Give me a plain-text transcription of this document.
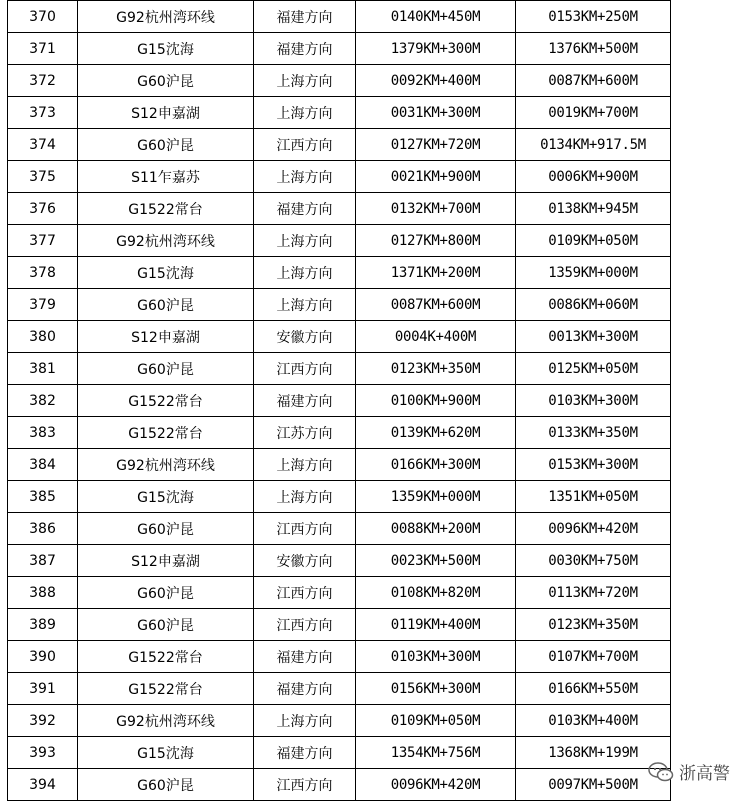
370	G92杭州湾环线	福建方向	0140KM+450M	0153KM+250M
371	G15沈海	福建方向	1379KM+300M	1376KM+500M
372	G60沪昆	上海方向	0092KM+400M	0087KM+600M
373	S12申嘉湖	上海方向	0031KM+300M	0019KM+700M
374	G60沪昆	江西方向	0127KM+720M	0134KM+917.5M
375	S11乍嘉苏	上海方向	0021KM+900M	0006KM+900M
376	G1522常台	福建方向	0132KM+700M	0138KM+945M
377	G92杭州湾环线	上海方向	0127KM+800M	0109KM+050M
378	G15沈海	上海方向	1371KM+200M	1359KM+000M
379	G60沪昆	上海方向	0087KM+600M	0086KM+060M
380	S12申嘉湖	安徽方向	0004K+400M	0013KM+300M
381	G60沪昆	江西方向	0123KM+350M	0125KM+050M
382	G1522常台	福建方向	0100KM+900M	0103KM+300M
383	G1522常台	江苏方向	0139KM+620M	0133KM+350M
384	G92杭州湾环线	上海方向	0166KM+300M	0153KM+300M
385	G15沈海	上海方向	1359KM+000M	1351KM+050M
386	G60沪昆	江西方向	0088KM+200M	0096KM+420M
387	S12申嘉湖	安徽方向	0023KM+500M	0030KM+750M
388	G60沪昆	江西方向	0108KM+820M	0113KM+720M
389	G60沪昆	江西方向	0119KM+400M	0123KM+350M
390	G1522常台	福建方向	0103KM+300M	0107KM+700M
391	G1522常台	福建方向	0156KM+300M	0166KM+550M
392	G92杭州湾环线	上海方向	0109KM+050M	0103KM+400M
393	G15沈海	福建方向	1354KM+756M	1368KM+199M
394	G60沪昆	江西方向	0096KM+420M	0097KM+500M
浙高警
